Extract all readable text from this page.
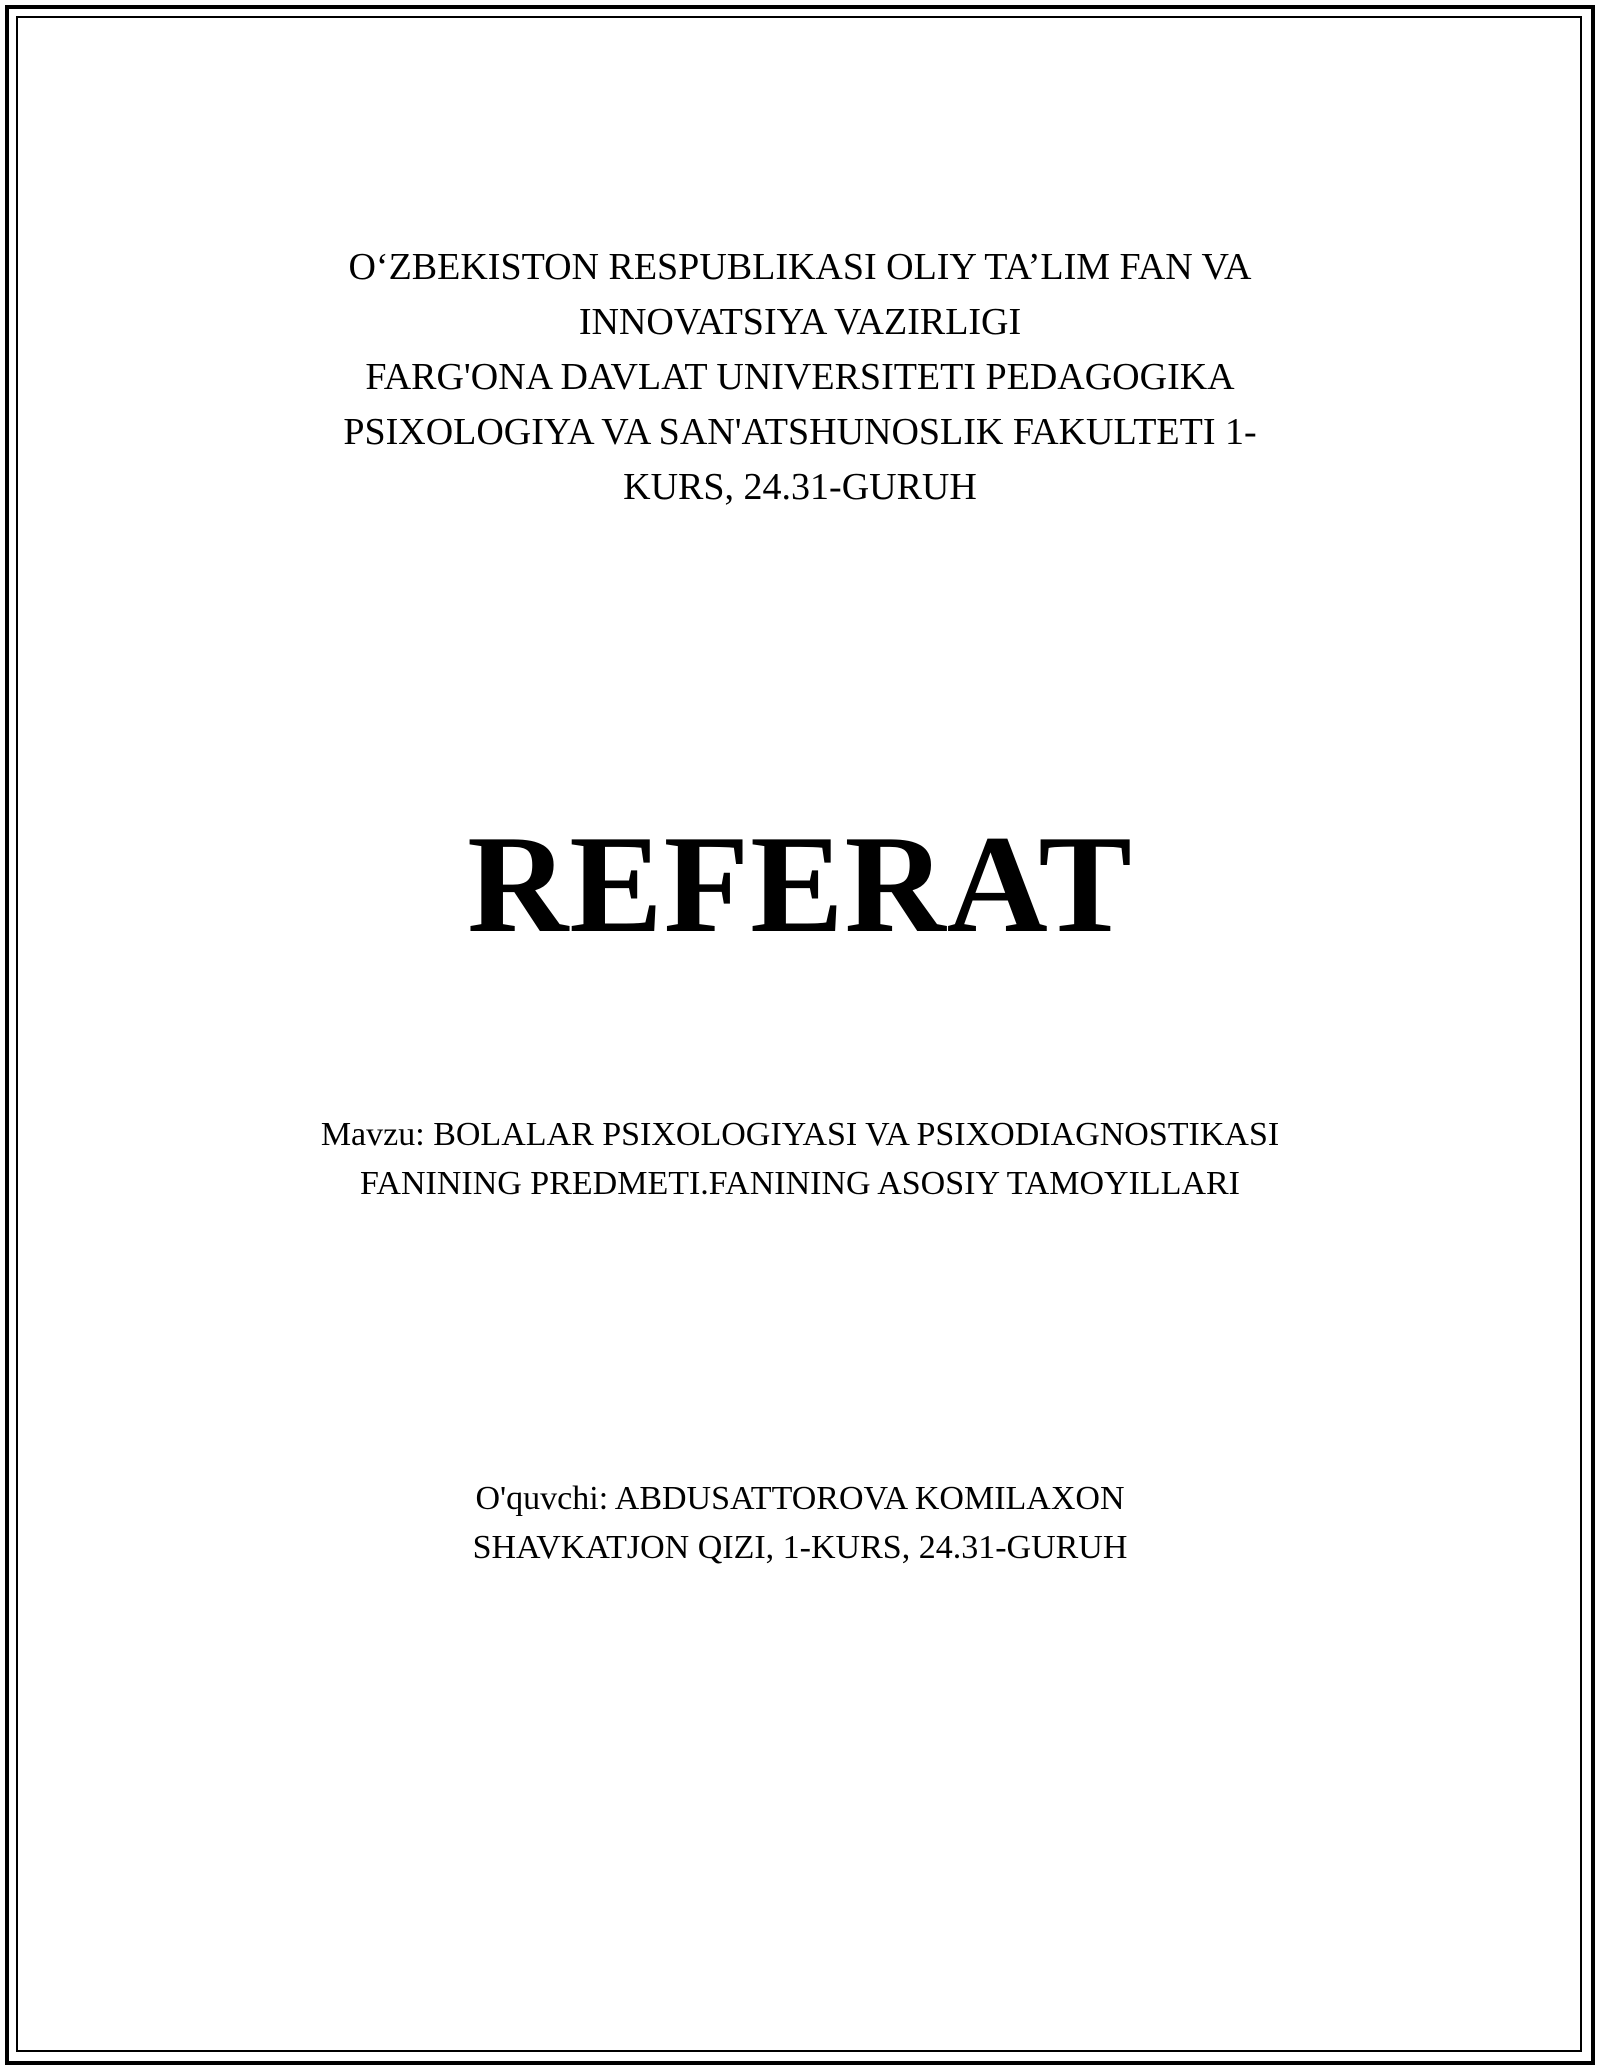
O‘ZBEKISTON RESPUBLIKASI OLIY TA’LIM FAN VA
INNOVATSIYA VAZIRLIGI
FARG'ONA DAVLAT UNIVERSITETI PEDAGOGIKA
PSIXOLOGIYA VA SAN'ATSHUNOSLIK FAKULTETI 1-
KURS, 24.31-GURUH
REFERAT
Mavzu: BOLALAR PSIXOLOGIYASI VA PSIXODIAGNOSTIKASI
FANINING PREDMETI.FANINING ASOSIY TAMOYILLARI
O'quvchi: ABDUSATTOROVA KOMILAXON
SHAVKATJON QIZI, 1-KURS, 24.31-GURUH
